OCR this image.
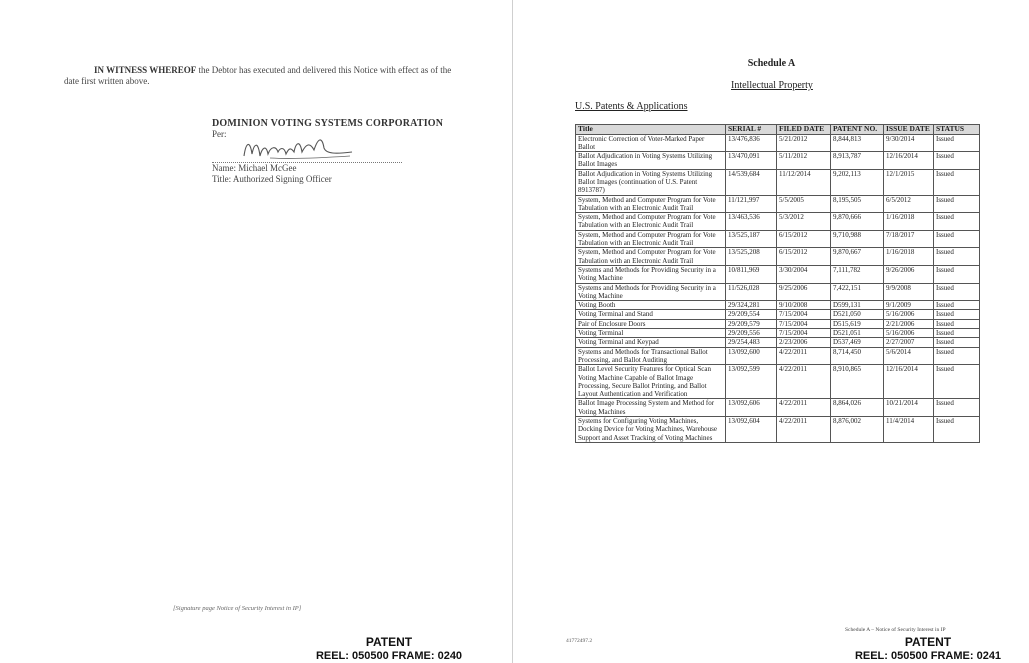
IN WITNESS WHEREOF the Debtor has executed and delivered this Notice with effect as of the date first written above.
DOMINION VOTING SYSTEMS CORPORATION
Per:
Name: Michael McGee
Title: Authorized Signing Officer
[Signature page Notice of Security Interest in IP]
PATENT
REEL: 050500 FRAME: 0240
Schedule A
Intellectual Property
U.S. Patents & Applications
Title	SERIAL #	FILED DATE	PATENT NO.	ISSUE DATE	STATUS
Electronic Correction of Voter-Marked Paper Ballot	13/476,836	5/21/2012	8,844,813	9/30/2014	Issued
Ballot Adjudication in Voting Systems Utilizing Ballot Images	13/470,091	5/11/2012	8,913,787	12/16/2014	Issued
Ballot Adjudication in Voting Systems Utilizing Ballot Images (continuation of U.S. Patent 8913787)	14/539,684	11/12/2014	9,202,113	12/1/2015	Issued
System, Method and Computer Program for Vote Tabulation with an Electronic Audit Trail	11/121,997	5/5/2005	8,195,505	6/5/2012	Issued
System, Method and Computer Program for Vote Tabulation with an Electronic Audit Trail	13/463,536	5/3/2012	9,870,666	1/16/2018	Issued
System, Method and Computer Program for Vote Tabulation with an Electronic Audit Trail	13/525,187	6/15/2012	9,710,988	7/18/2017	Issued
System, Method and Computer Program for Vote Tabulation with an Electronic Audit Trail	13/525,208	6/15/2012	9,870,667	1/16/2018	Issued
Systems and Methods for Providing Security in a Voting Machine	10/811,969	3/30/2004	7,111,782	9/26/2006	Issued
Systems and Methods for Providing Security in a Voting Machine	11/526,028	9/25/2006	7,422,151	9/9/2008	Issued
Voting Booth	29/324,281	9/10/2008	D599,131	9/1/2009	Issued
Voting Terminal and Stand	29/209,554	7/15/2004	D521,050	5/16/2006	Issued
Pair of Enclosure Doors	29/209,579	7/15/2004	D515,619	2/21/2006	Issued
Voting Terminal	29/209,556	7/15/2004	D521,051	5/16/2006	Issued
Voting Terminal and Keypad	29/254,483	2/23/2006	D537,469	2/27/2007	Issued
Systems and Methods for Transactional Ballot Processing, and Ballot Auditing	13/092,600	4/22/2011	8,714,450	5/6/2014	Issued
Ballot Level Security Features for Optical Scan Voting Machine Capable of Ballot Image Processing, Secure Ballot Printing, and Ballot Layout Authentication and Verification	13/092,599	4/22/2011	8,910,865	12/16/2014	Issued
Ballot Image Processing System and Method for Voting Machines	13/092,606	4/22/2011	8,864,026	10/21/2014	Issued
Systems for Configuring Voting Machines, Docking Device for Voting Machines, Warehouse Support and Asset Tracking of Voting Machines	13/092,604	4/22/2011	8,876,002	11/4/2014	Issued
Schedule A – Notice of Security Interest in IP
41772497.2	PATENT
REEL: 050500 FRAME: 0241
